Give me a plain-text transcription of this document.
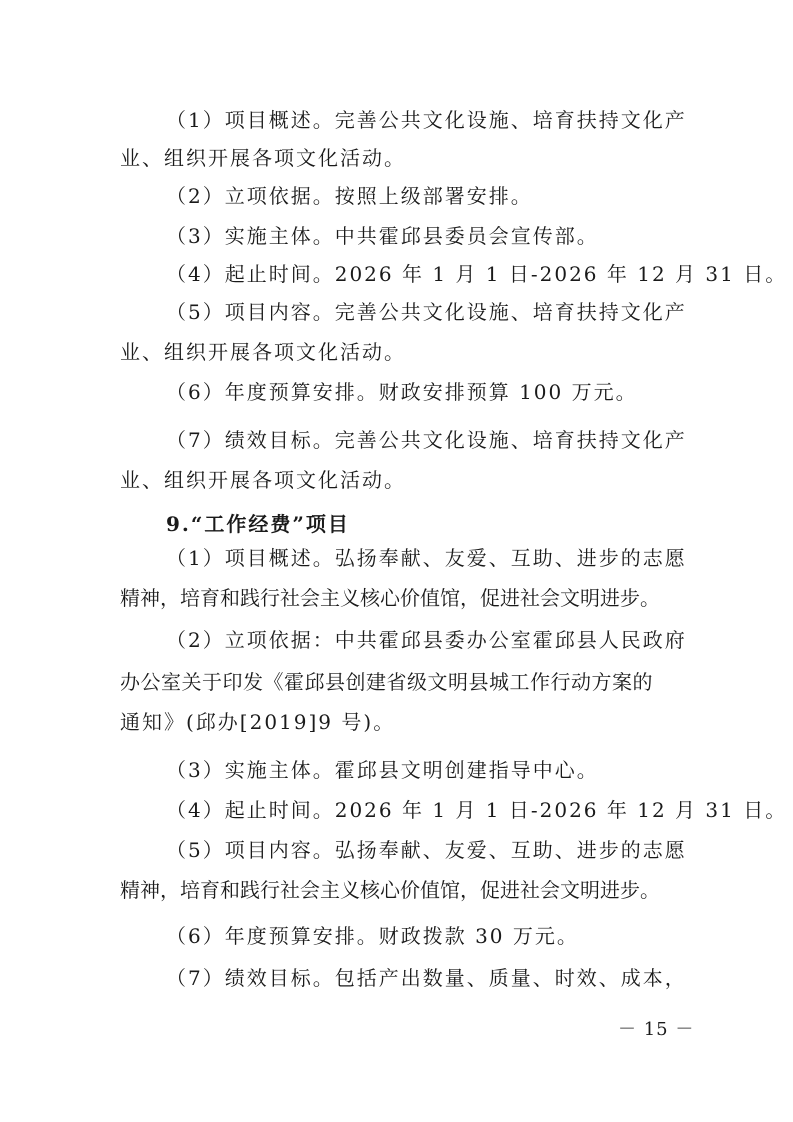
（1）项目概述。完善公共文化设施、培育扶持文化产
业、组织开展各项文化活动。
（2）立项依据。按照上级部署安排。
（3）实施主体。中共霍邱县委员会宣传部。
（4）起止时间。2026 年 1 月 1 日-2026 年 12 月 31 日。
（5）项目内容。完善公共文化设施、培育扶持文化产
业、组织开展各项文化活动。
（6）年度预算安排。财政安排预算 100 万元。
（7）绩效目标。完善公共文化设施、培育扶持文化产
业、组织开展各项文化活动。
9.“工作经费”项目
（1）项目概述。弘扬奉献、友爱、互助、进步的志愿
精神，培育和践行社会主义核心价值馆，促进社会文明进步。
（2）立项依据：中共霍邱县委办公室霍邱县人民政府
办公室关于印发《霍邱县创建省级文明县城工作行动方案的
通知》(邱办[2019]9 号)。
（3）实施主体。霍邱县文明创建指导中心。
（4）起止时间。2026 年 1 月 1 日-2026 年 12 月 31 日。
（5）项目内容。弘扬奉献、友爱、互助、进步的志愿
精神，培育和践行社会主义核心价值馆，促进社会文明进步。
（6）年度预算安排。财政拨款 30 万元。
（7）绩效目标。包括产出数量、质量、时效、成本，
－ 15 －
